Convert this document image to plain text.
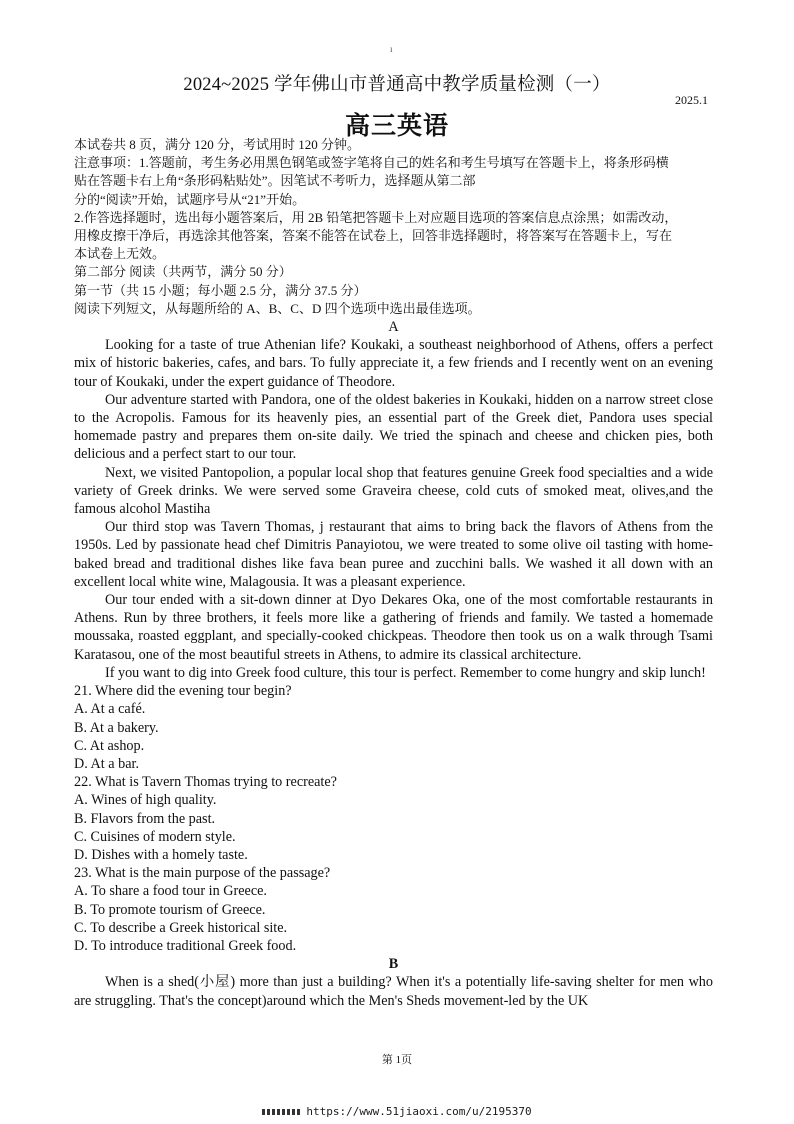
ı
2024~2025 学年佛山市普通高中教学质量检测（一）
2025.1
高三英语

本试卷共 8 页，满分 120 分，考试用时 120 分钟。

注意事项：1.答题前，考生务必用黑色钢笔或签字笔将自己的姓名和考生号填写在答题卡上，将条形码横

贴在答题卡右上角“条形码粘贴处”。因笔试不考听力，选择题从第二部

分的“阅读”开始，试题序号从“21”开始。

2.作答选择题时，选出每小题答案后，用 2B 铅笔把答题卡上对应题目选项的答案信息点涂黑；如需改动，

用橡皮擦干净后，再选涂其他答案，答案不能答在试卷上，回答非选择题时，将答案写在答题卡上，写在

本试卷上无效。

第二部分 阅读（共两节，满分 50 分）

第一节（共 15 小题；每小题 2.5 分，满分 37.5 分）

阅读下列短文，从每题所给的 A、B、C、D 四个选项中选出最佳选项。

A

Looking for a taste of true Athenian life? Koukaki, a southeast neighborhood of Athens, offers a perfect mix of historic bakeries, cafes, and bars. To fully appreciate it, a few friends and I recently went on an evening tour of Koukaki, under the expert guidance of Theodore.

Our adventure started with Pandora, one of the oldest bakeries in Koukaki, hidden on a narrow street close to the Acropolis. Famous for its heavenly pies, an essential part of the Greek diet, Pandora uses special homemade pastry and prepares them on-site daily. We tried the spinach and cheese and chicken pies, both delicious and a perfect start to our tour.

Next, we visited Pantopolion, a popular local shop that features genuine Greek food specialties and a wide variety of Greek drinks. We were served some Graveira cheese, cold cuts of smoked meat, olives,and the famous alcohol Mastiha

Our third stop was Tavern Thomas, j restaurant that aims to bring back the flavors of Athens from the 1950s. Led by passionate head chef Dimitris Panayiotou, we were treated to some olive oil tasting with home-baked bread and traditional dishes like fava bean puree and zucchini balls. We washed it all down with an excellent local white wine, Malagousia. It was a pleasant experience.

Our tour ended with a sit-down dinner at Dyo Dekares Oka, one of the most comfortable restaurants in Athens. Run by three brothers, it feels more like a gathering of friends and family. We tasted a homemade moussaka, roasted eggplant, and specially-cooked chickpeas. Theodore then took us on a walk through Tsami Karatasou, one of the most beautiful streets in Athens, to admire its classical architecture.

If you want to dig into Greek food culture, this tour is perfect. Remember to come hungry and skip lunch!

21. Where did the evening tour begin?

A. At a café.

B. At a bakery.

C. At ashop.

D. At a bar.

22. What is Tavern Thomas trying to recreate?

A. Wines of high quality.

B. Flavors from the past.

C. Cuisines of modern style.

D. Dishes with a homely taste.

23. What is the main purpose of the passage?

A. To share a food tour in Greece.

B. To promote tourism of Greece.

C. To describe a Greek historical site.

D. To introduce traditional Greek food.

B

When is a shed(小屋) more than just a building? When it's a potentially life-saving shelter for men who are struggling. That's the concept)around which the Men's Sheds movement-led by the UK

第 1页
https://www.51jiaoxi.com/u/2195370
